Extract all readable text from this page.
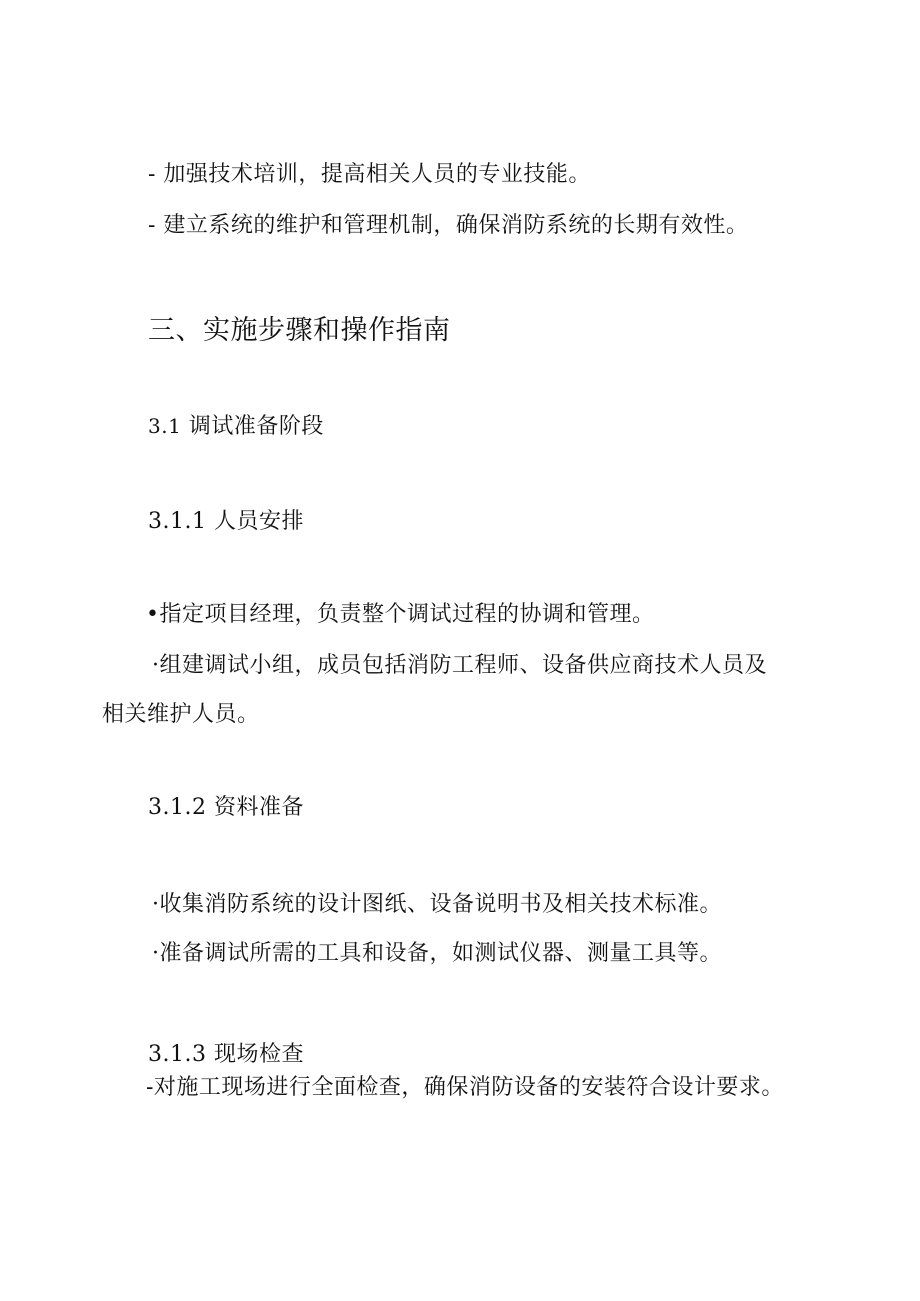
- 加强技术培训，提高相关人员的专业技能。
- 建立系统的维护和管理机制，确保消防系统的长期有效性。
三、实施步骤和操作指南
3.1 调试准备阶段
3.1.1 人员安排
•指定项目经理，负责整个调试过程的协调和管理。
·组建调试小组，成员包括消防工程师、设备供应商技术人员及
相关维护人员。
3.1.2 资料准备
·收集消防系统的设计图纸、设备说明书及相关技术标准。
·准备调试所需的工具和设备，如测试仪器、测量工具等。
3.1.3 现场检查
-对施工现场进行全面检查，确保消防设备的安装符合设计要求。
